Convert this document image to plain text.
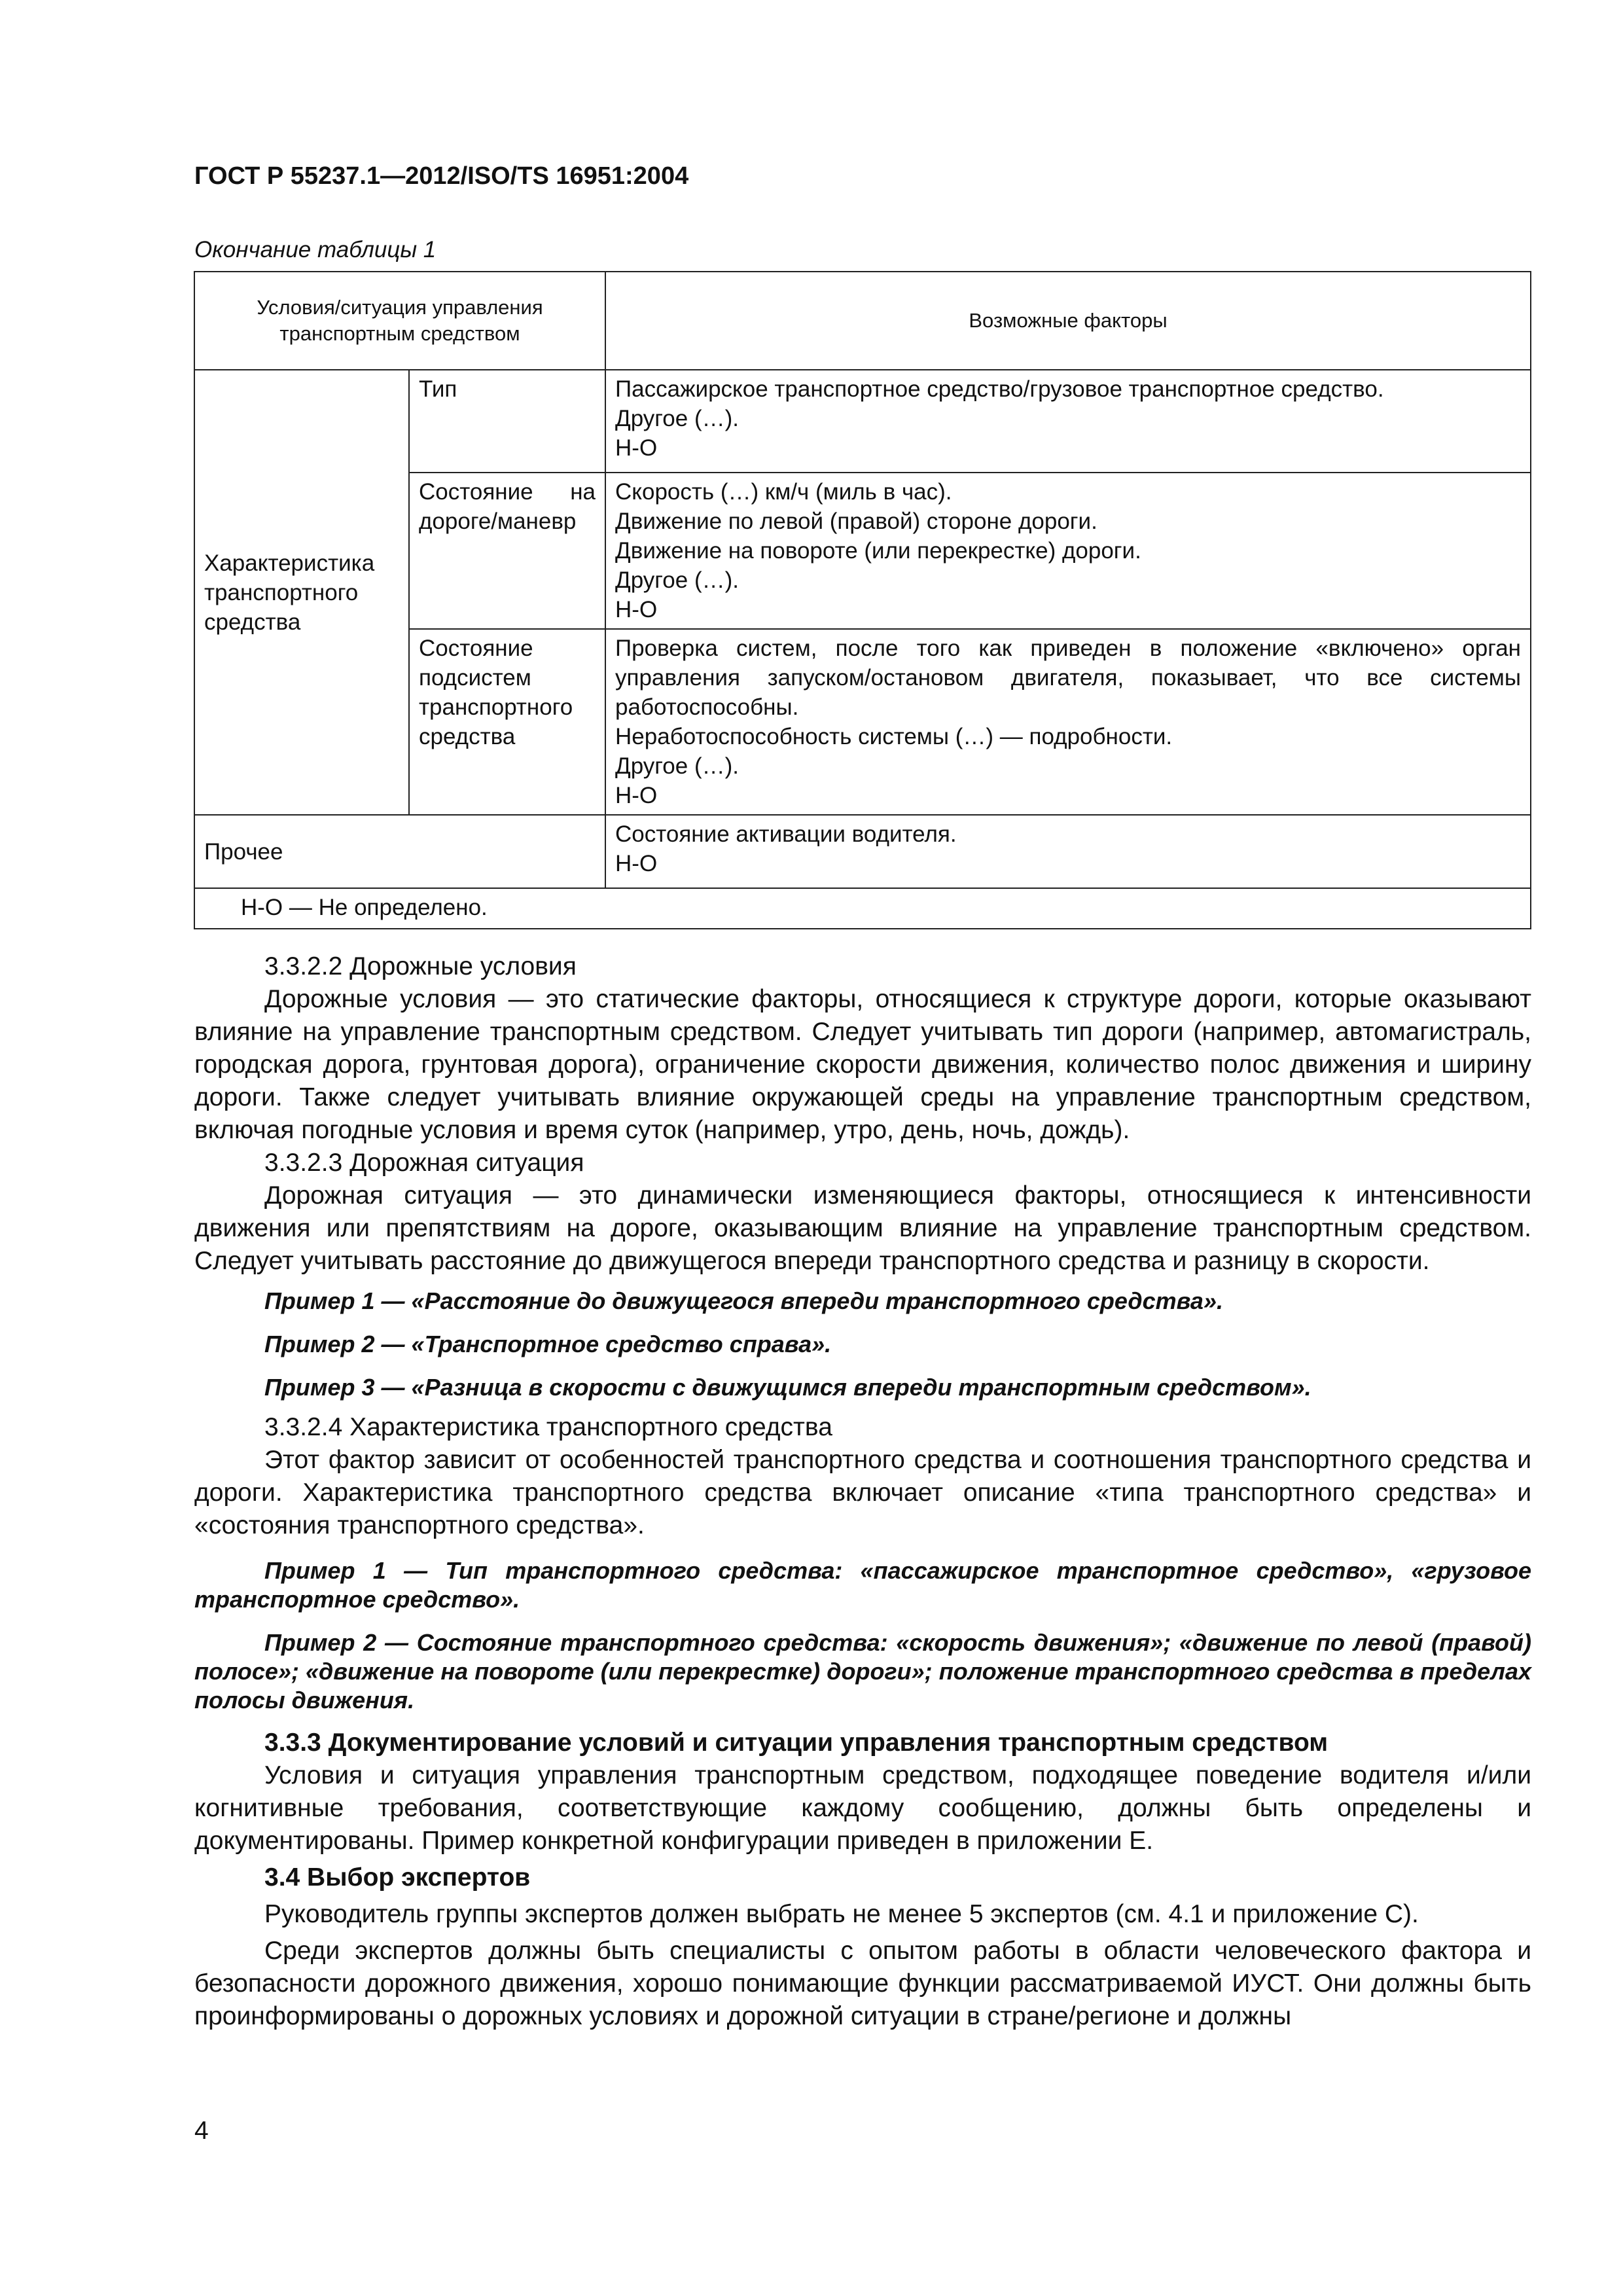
ГОСТ Р 55237.1—2012/ISO/TS 16951:2004
Окончание таблицы 1
Условия/ситуация управления транспортным средством		Возможные факторы
Характеристика транспортного средства	Тип	Пассажирское транспортное средство/грузовое транспортное средство.
Другое (…).
Н-О

	Состояние на дороге/маневр	Скорость (…) км/ч (миль в час).
Движение по левой (правой) стороне дороги.
Движение на повороте (или перекрестке) дороги.
Другое (…).
Н-О

	Состояние подсистем транспортного средства	Проверка систем, после того как приведен в положение «включено» орган управления запуском/остановом двигателя, показывает, что все системы работоспособны.
Неработоспособность системы (…) — подробности.
Другое (…).
Н-О

Прочее		Состояние активации водителя.
Н-О

Н-О — Не определено.		

3.3.2.2 Дорожные условия

Дорожные условия — это статические факторы, относящиеся к структуре дороги, которые оказывают влияние на управление транспортным средством. Следует учитывать тип дороги (например, автомагистраль, городская дорога, грунтовая дорога), ограничение скорости движения, количество полос движения и ширину дороги. Также следует учитывать влияние окружающей среды на управление транспортным средством, включая погодные условия и время суток (например, утро, день, ночь, дождь).

3.3.2.3 Дорожная ситуация

Дорожная ситуация — это динамически изменяющиеся факторы, относящиеся к интенсивности движения или препятствиям на дороге, оказывающим влияние на управление транспортным средством. Следует учитывать расстояние до движущегося впереди транспортного средства и разницу в скорости.

Пример 1 — «Расстояние до движущегося впереди транспортного средства».

Пример 2 — «Транспортное средство справа».

Пример 3 — «Разница в скорости с движущимся впереди транспортным средством».

3.3.2.4 Характеристика транспортного средства

Этот фактор зависит от особенностей транспортного средства и соотношения транспортного средства и дороги. Характеристика транспортного средства включает описание «типа транспортного средства» и «состояния транспортного средства».

Пример 1 — Тип транспортного средства: «пассажирское транспортное средство», «грузовое транспортное средство».

Пример 2 — Состояние транспортного средства: «скорость движения»; «движение по левой (правой) полосе»; «движение на повороте (или перекрестке) дороги»; положение транспортного средства в пределах полосы движения.

3.3.3 Документирование условий и ситуации управления транспортным средством

Условия и ситуация управления транспортным средством, подходящее поведение водителя и/или когнитивные требования, соответствующие каждому сообщению, должны быть определены и документированы. Пример конкретной конфигурации приведен в приложении Е.

3.4 Выбор экспертов

Руководитель группы экспертов должен выбрать не менее 5 экспертов (см. 4.1 и приложение С).

Среди экспертов должны быть специалисты с опытом работы в области человеческого фактора и безопасности дорожного движения, хорошо понимающие функции рассматриваемой ИУСТ. Они должны быть проинформированы о дорожных условиях и дорожной ситуации в стране/регионе и должны

4
